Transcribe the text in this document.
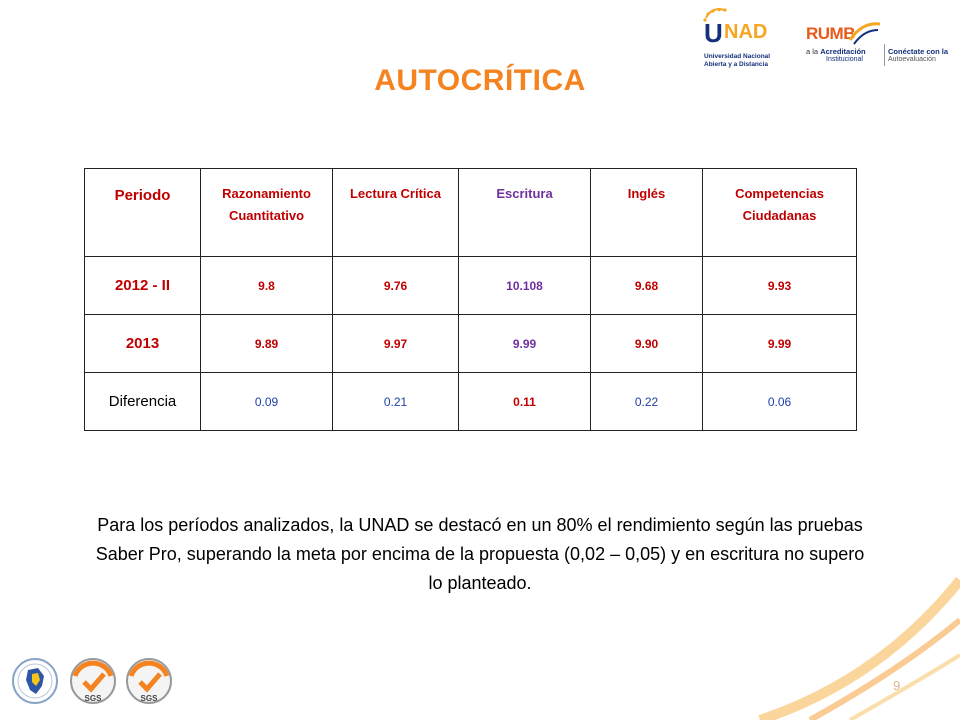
U NAD
Universidad Nacional
Abierta y a Distancia
RUMB
a la Acreditación
Institucional
Conéctate con la
Autoevaluación
AUTOCRÍTICA
Periodo	Razonamiento Cuantitativo	Lectura Crítica	Escritura	Inglés	Competencias Ciudadanas
2012 - II	9.8	9.76	10.108	9.68	9.93
2013	9.89	9.97	9.99	9.90	9.99
Diferencia	0.09	0.21	0.11	0.22	0.06
Para los períodos analizados, la UNAD se destacó en un 80% el rendimiento según las pruebas Saber Pro, superando la meta por encima de la propuesta (0,02 – 0,05) y en escritura no supero lo planteado.
SGS	SGS
9
